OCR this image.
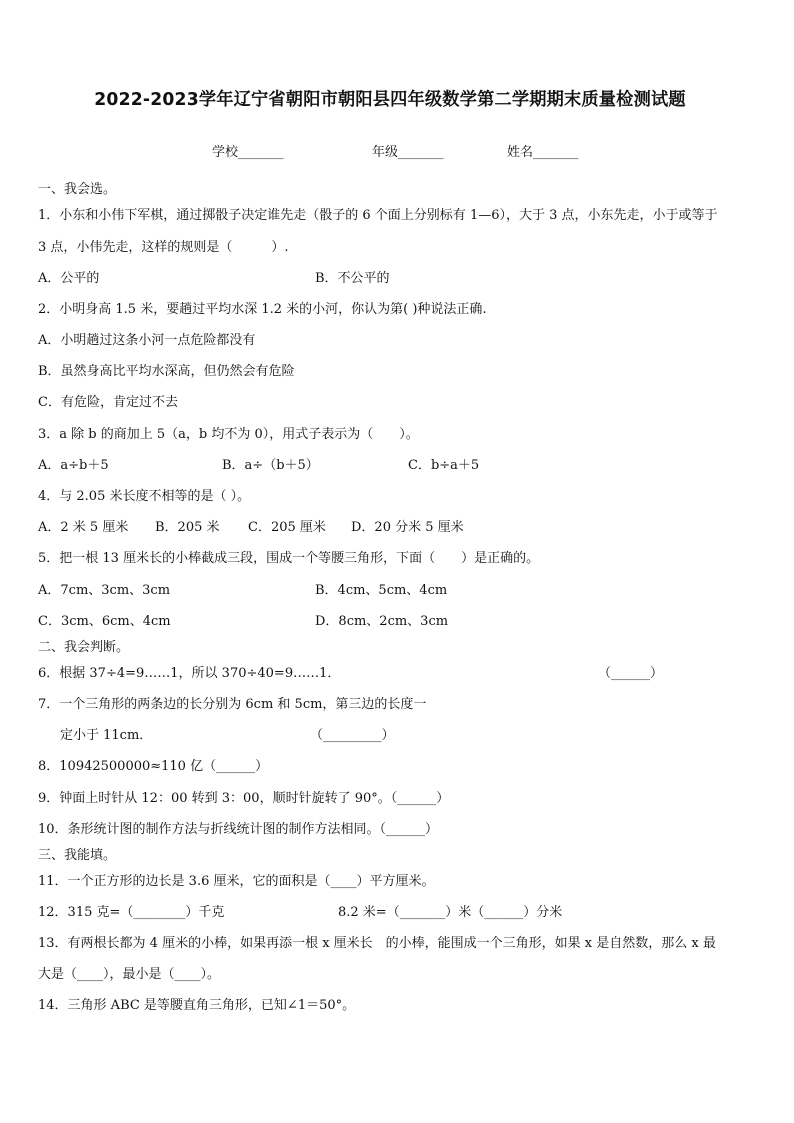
2022-2023学年辽宁省朝阳市朝阳县四年级数学第二学期期末质量检测试题
学校_______	年级_______	姓名_______
一、我会选。
1．小东和小伟下军棋，通过掷骰子决定谁先走（骰子的 6 个面上分别标有 1—6），大于 3 点，小东先走，小于或等于
3 点，小伟先走，这样的规则是（　　　）.
A．公平的	B．不公平的
2．小明身高 1.5 米，要趟过平均水深 1.2 米的小河，你认为第( )种说法正确.
A．小明趟过这条小河一点危险都没有
B．虽然身高比平均水深高，但仍然会有危险
C．有危险，肯定过不去
3．a 除 b 的商加上 5（a，b 均不为 0），用式子表示为（　　）。
A．a÷b＋5	B．a÷（b＋5）	C．b÷a＋5
4．与 2.05 米长度不相等的是（ ）。
A．2 米 5 厘米 B．205 米 C．205 厘米 D．20 分米 5 厘米
5．把一根 13 厘米长的小棒截成三段，围成一个等腰三角形，下面（　　）是正确的。
A．7cm、3cm、3cm	B．4cm、5cm、4cm
C．3cm、6cm、4cm	D．8cm、2cm、3cm
二、我会判断。
6．根据 37÷4=9……1，所以 370÷40=9……1．	（______）
7．一个三角形的两条边的长分别为 6cm 和 5cm，第三边的长度一
定小于 11cm．	（_________）
8．10942500000≈110 亿（______）
9．钟面上时针从 12：00 转到 3：00，顺时针旋转了 90°。（______）
10．条形统计图的制作方法与折线统计图的制作方法相同。（______）
三、我能填。
11．一个正方形的边长是 3.6 厘米，它的面积是（____）平方厘米。
12．315 克=（________）千克	8.2 米=（_______）米（______）分米
13．有两根长都为 4 厘米的小棒，如果再添一根 x 厘米长　的小棒，能围成一个三角形，如果 x 是自然数，那么 x 最
大是（____），最小是（____）。
14．三角形 ABC 是等腰直角三角形，已知∠1＝50°。
